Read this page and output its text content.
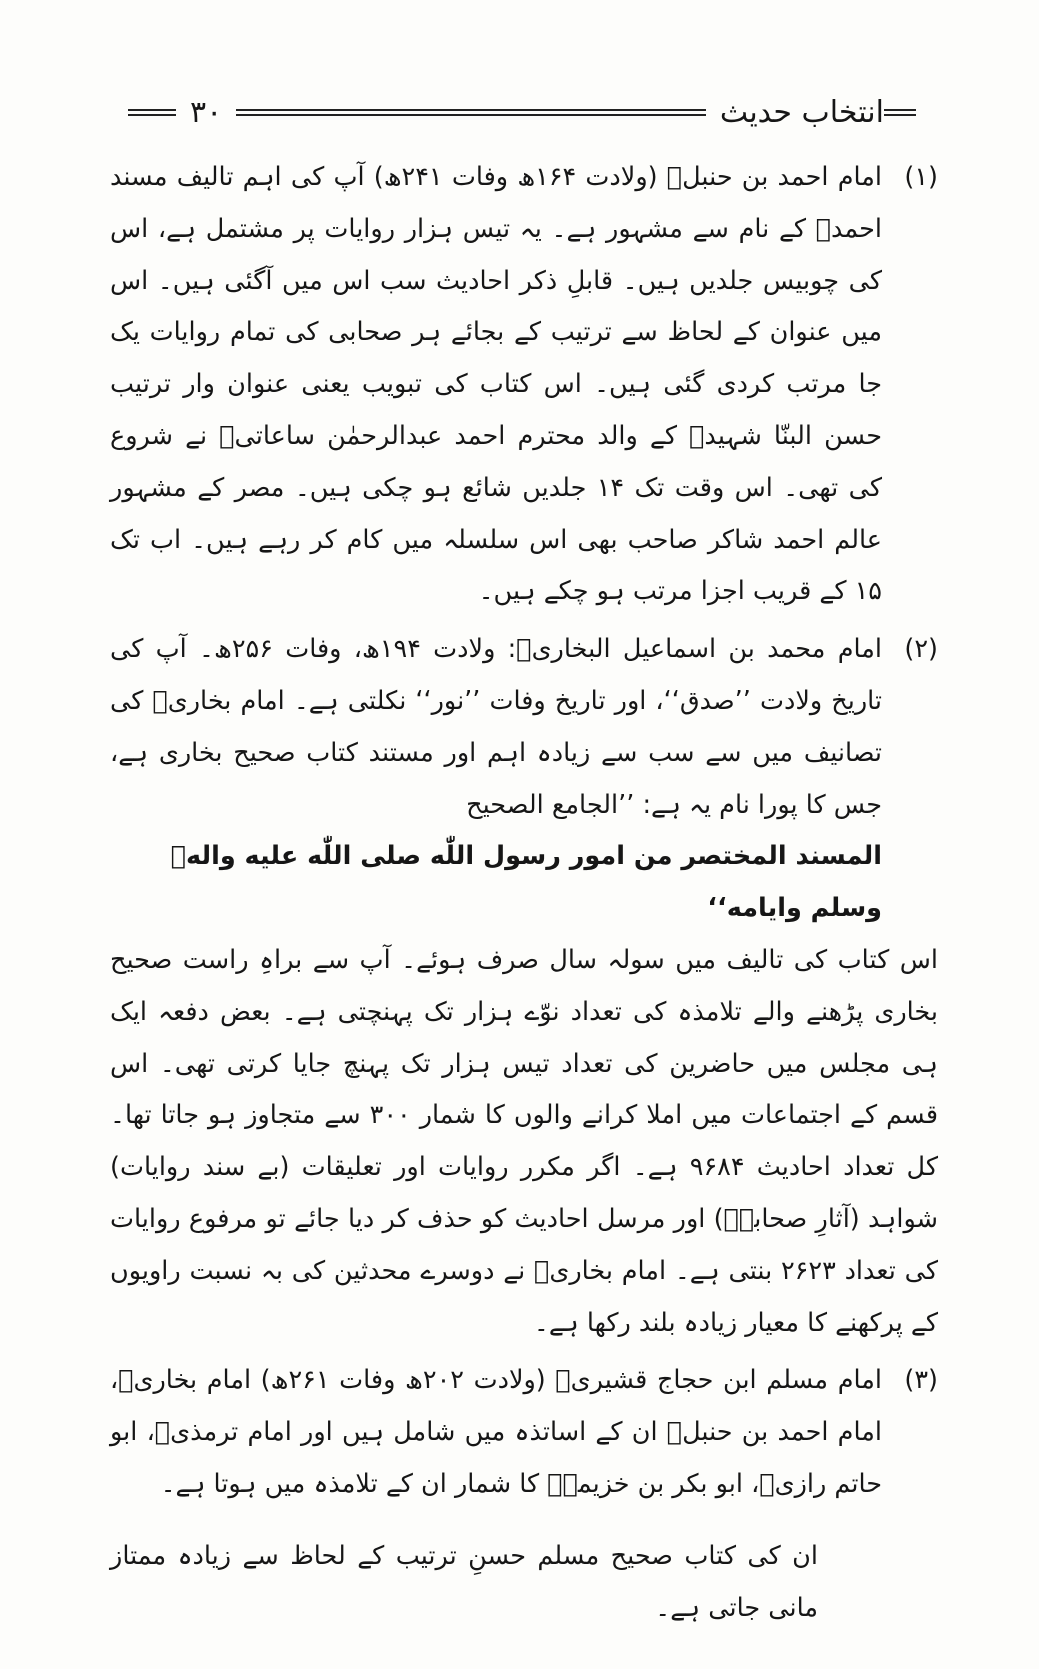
انتخاب حدیث
۳۰

(۱)
امام احمد بن حنبلؒ (ولادت ۱۶۴ھ وفات ۲۴۱ھ) آپ کی اہم تالیف مسند احمدؒ کے نام سے مشہور ہے۔ یہ تیس ہزار روایات پر مشتمل ہے، اس کی چوبیس جلدیں ہیں۔ قابلِ ذکر احادیث سب اس میں آگئی ہیں۔ اس میں عنوان کے لحاظ سے ترتیب کے بجائے ہر صحابی کی تمام روایات یک جا مرتب کردی گئی ہیں۔ اس کتاب کی تبویب یعنی عنوان وار ترتیب حسن البنّا شہیدؒ کے والد محترم احمد عبدالرحمٰن ساعاتیؒ نے شروع کی تھی۔ اس وقت تک ۱۴ جلدیں شائع ہو چکی ہیں۔ مصر کے مشہور عالم احمد شاکر صاحب بھی اس سلسلہ میں کام کر رہے ہیں۔ اب تک ۱۵ کے قریب اجزا مرتب ہو چکے ہیں۔

(۲)
امام محمد بن اسماعیل البخاریؒ: ولادت ۱۹۴ھ، وفات ۲۵۶ھ۔ آپ کی تاریخ ولادت ’’صدق‘‘، اور تاریخ وفات ’’نور‘‘ نکلتی ہے۔ امام بخاریؒ کی تصانیف میں سے سب سے زیادہ اہم اور مستند کتاب صحیح بخاری ہے، جس کا پورا نام یہ ہے: ’’الجامع الصحیح

المسند المختصر من امور رسول اللّٰه صلی اللّٰه علیه والهٖ وسلم وایامه‘‘

اس کتاب کی تالیف میں سولہ سال صرف ہوئے۔ آپ سے براہِ راست صحیح بخاری پڑھنے والے تلامذہ کی تعداد نوّے ہزار تک پہنچتی ہے۔ بعض دفعہ ایک ہی مجلس میں حاضرین کی تعداد تیس ہزار تک پہنچ جایا کرتی تھی۔ اس قسم کے اجتماعات میں املا کرانے والوں کا شمار ۳۰۰ سے متجاوز ہو جاتا تھا۔ کل تعداد احادیث ۹۶۸۴ ہے۔ اگر مکرر روایات اور تعلیقات (بے سند روایات) شواہد (آثارِ صحابہؓ) اور مرسل احادیث کو حذف کر دیا جائے تو مرفوع روایات کی تعداد ۲۶۲۳ بنتی ہے۔ امام بخاریؒ نے دوسرے محدثین کی بہ نسبت راویوں کے پرکھنے کا معیار زیادہ بلند رکھا ہے۔

(۳)
امام مسلم ابن حجاج قشیریؒ (ولادت ۲۰۲ھ وفات ۲۶۱ھ) امام بخاریؒ، امام احمد بن حنبلؒ ان کے اساتذہ میں شامل ہیں اور امام ترمذیؒ، ابو حاتم رازیؒ، ابو بکر بن خزیمہؒ کا شمار ان کے تلامذہ میں ہوتا ہے۔

ان کی کتاب صحیح مسلم حسنِ ترتیب کے لحاظ سے زیادہ ممتاز مانی جاتی ہے۔
